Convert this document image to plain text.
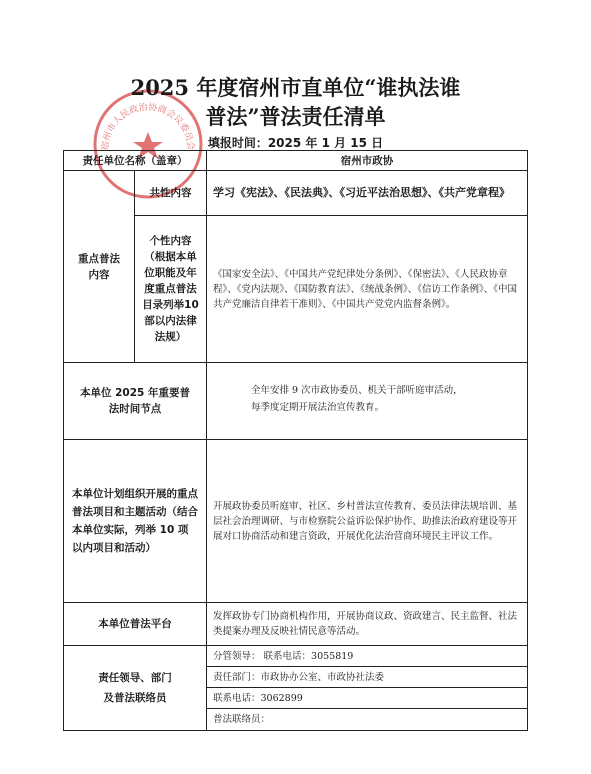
宿州市人民政治协商会议委员会
2025 年度宿州市直单位“谁执法谁
普法”普法责任清单
填报时间：2025 年 1 月 15 日
责任单位名称（盖章）	宿州市政协
重点普法内容
共性内容	学习《宪法》、《民法典》、《习近平法治思想》、《共产党章程》
个性内容（根据本单位职能及年度重点普法目录列举10部以内法律法规）
《国家安全法》、《中国共产党纪律处分条例》、《保密法》、《人民政协章程》、《党内法规》、《国防教育法》、《统战条例》、《信访工作条例》、《中国共产党廉洁自律若干准则》、《中国共产党党内监督条例》。
本单位 2025 年重要普法时间节点
全年安排 9 次市政协委员、机关干部听庭审活动，
每季度定期开展法治宣传教育。
本单位计划组织开展的重点普法项目和主题活动（结合本单位实际，列举 10 项以内项目和活动）
开展政协委员听庭审、社区、乡村普法宣传教育、委员法律法规培训、基层社会治理调研、与市检察院公益诉讼保护协作、助推法治政府建设等开展对口协商活动和建言资政，开展优化法治营商环境民主评议工作。
本单位普法平台
发挥政协专门协商机构作用，开展协商议政、资政建言、民主监督、社法类提案办理及反映社情民意等活动。
责任领导、部门
及普法联络员
分管领导： 联系电话：3055819
责任部门：市政协办公室、市政协社法委
联系电话：3062899
普法联络员：
